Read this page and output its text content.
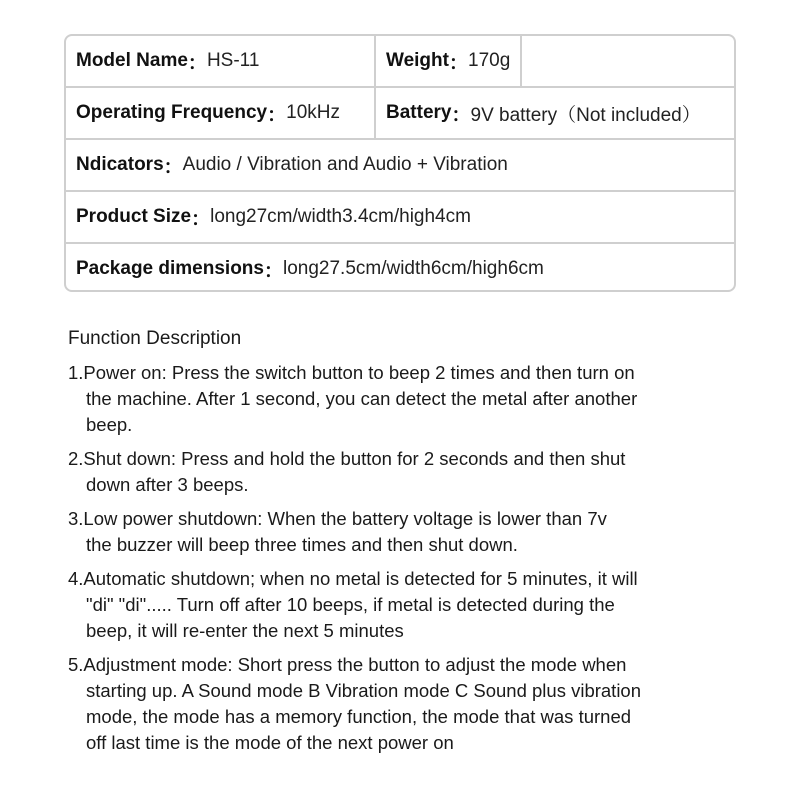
Model Name ： HS-11	Weight ： 170g
Operating Frequency ： 10kHz Battery ： 9V battery（Not included）
Ndicators ： Audio / Vibration and Audio + Vibration
Product Size ： long27cm/width3.4cm/high4cm
Package dimensions ： long27.5cm/width6cm/high6cm
Function Description
1.Power on: Press the switch button to beep 2 times and then turn on
the machine. After 1 second, you can detect the metal after another
beep.
2.Shut down: Press and hold the button for 2 seconds and then shut
down after 3 beeps.
3.Low power shutdown: When the battery voltage is lower than 7v
the buzzer will beep three times and then shut down.
4.Automatic shutdown; when no metal is detected for 5 minutes, it will
"di" "di"..... Turn off after 10 beeps, if metal is detected during the
beep, it will re-enter the next 5 minutes
5.Adjustment mode: Short press the button to adjust the mode when
starting up. A Sound mode B Vibration mode C Sound plus vibration
mode, the mode has a memory function, the mode that was turned
off last time is the mode of the next power on
